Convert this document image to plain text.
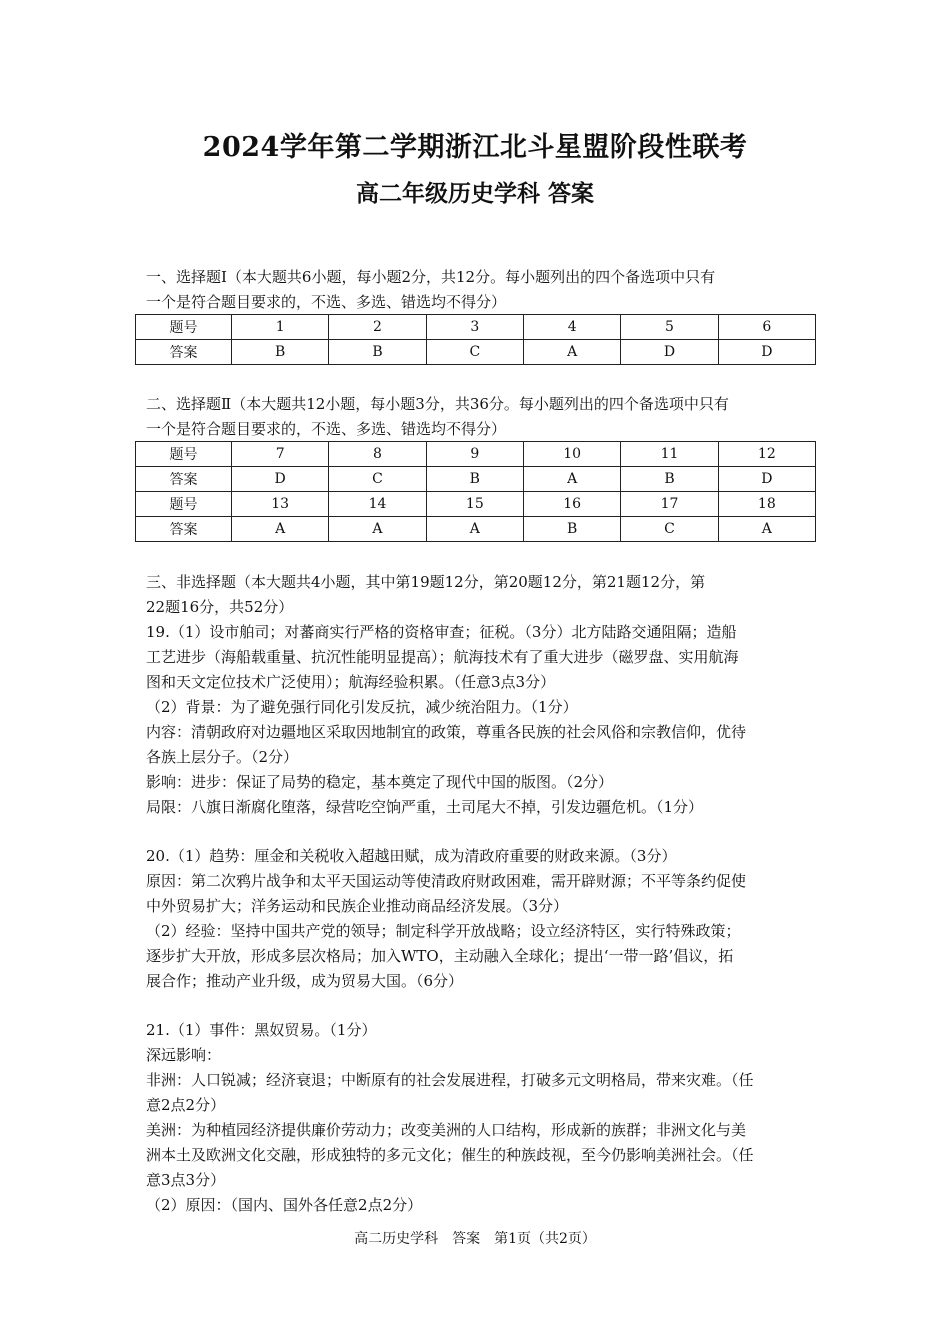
2024学年第二学期浙江北斗星盟阶段性联考
高二年级历史学科 答案
一、选择题Ⅰ（本大题共6小题，每小题2分，共12分。每小题列出的四个备选项中只有
一个是符合题目要求的，不选、多选、错选均不得分）
题号	1	2	3	4	5	6
答案	B	B	C	A	D	D
二、选择题Ⅱ（本大题共12小题，每小题3分，共36分。每小题列出的四个备选项中只有
一个是符合题目要求的，不选、多选、错选均不得分）
题号	7	8	9	10	11	12
答案	D	C	B	A	B	D
题号	13	14	15	16	17	18
答案	A	A	A	B	C	A
三、非选择题（本大题共4小题，其中第19题12分，第20题12分，第21题12分，第
22题16分，共52分）
19.（1）设市舶司；对蕃商实行严格的资格审查；征税。（3分）北方陆路交通阻隔；造船
工艺进步（海船载重量、抗沉性能明显提高）；航海技术有了重大进步（磁罗盘、实用航海
图和天文定位技术广泛使用）；航海经验积累。（任意3点3分）
（2）背景：为了避免强行同化引发反抗，减少统治阻力。（1分）
内容：清朝政府对边疆地区采取因地制宜的政策，尊重各民族的社会风俗和宗教信仰，优待
各族上层分子。（2分）
影响：进步：保证了局势的稳定，基本奠定了现代中国的版图。（2分）
局限：八旗日渐腐化堕落，绿营吃空饷严重，土司尾大不掉，引发边疆危机。（1分）
20.（1）趋势：厘金和关税收入超越田赋，成为清政府重要的财政来源。（3分）
原因：第二次鸦片战争和太平天国运动等使清政府财政困难，需开辟财源；不平等条约促使
中外贸易扩大；洋务运动和民族企业推动商品经济发展。（3分）
（2）经验：坚持中国共产党的领导；制定科学开放战略；设立经济特区，实行特殊政策；
逐步扩大开放，形成多层次格局；加入WTO，主动融入全球化；提出‘一带一路’倡议，拓
展合作；推动产业升级，成为贸易大国。（6分）
21.（1）事件：黑奴贸易。（1分）
深远影响：
非洲：人口锐减；经济衰退；中断原有的社会发展进程，打破多元文明格局，带来灾难。（任
意2点2分）
美洲：为种植园经济提供廉价劳动力；改变美洲的人口结构，形成新的族群；非洲文化与美
洲本土及欧洲文化交融，形成独特的多元文化；催生的种族歧视，至今仍影响美洲社会。（任
意3点3分）
（2）原因：（国内、国外各任意2点2分）
高二历史学科　答案　第1页（共2页）
